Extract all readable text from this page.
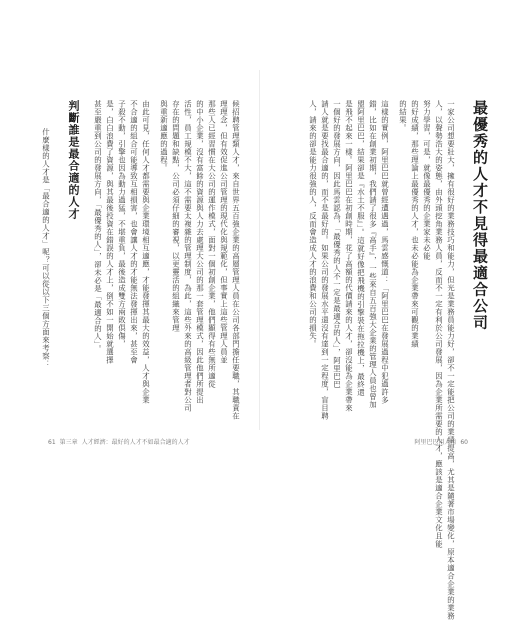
最優秀的人才不見得最適合公司
一家公司想要壯大，擁有很好的業務技巧和能力，但光是業務員能力好，卻不一定能把公司的業績提高，尤其是隨著市場變化，原本適合企業的業務
人，以聲勢浩大的姿態，由外頭挖角業務人員，反而不一定有利於公司發展，因為企業所需要的人才，應該是適合企業文化且能
努力學習，可是，就像最優秀的企業家未必能
的好成績，那些理論上最優秀的人才，也未必能為企業帶來可觀的業績
的結果。
這樣的實例，阿里巴巴就曾經遭遇過，馬雲感慨道：「阿里巴巴在發展過程中犯過許多
錯，比如在創業初期，我們請了很多『高手』，一些來自五百強大企業的管理人員也曾加
盟阿里巴巴，結果卻是『水土不服』」。這就好像把飛機的引擎裝在拖拉機上，最終還
是飛不起來一樣。阿里巴巴在初創時期，花了高額的代價請來的人才，卻沒能為企業帶來
一個好的發展方向，因此馬雲認為，「最優秀的人不一定是最適合的人」，阿里巴巴
請人就是要找最合適的，而不是最好的。如果公司的發展水平還沒有達到一定程度，盲目聘
人，請來的卻是能力很強的人，反而會造成人才的浪費和公司的損失。
阿里巴巴用人術 60
候招聘管理類人才，來自世界五百強企業的高層管理人員在公司各部門擔任要職，其職責在
理理念，但有效促進公司管理的現代化與規範化，但事實上這些管理人員並
那些人已經習慣在大公司的運作模式，面對一個初創企業，他們顯得有些無所適從
的中小企業，沒有富餘的資源與人力去處理大公司的那一套管理模式，因此他們所提出
活性，員工規模不大，這不需要太複雜的管理制度，為此，這些外來的高級管理者對公司
存在的問題和缺點，公司必須仔細的審視，以更靈活的組織來管理
與重新適應的過程。
由此可見，任何人才都需要與企業環境相互適應，才能發揮其最大的效益，人才與企業
不合適的組合可能導致互相損害，也會讓人才的才能無法發揮出來，甚至會
子殺不動，引擎也因為動力過猛，不堪重負，最後造成雙方兩敗俱傷，
是，白白浪費了資源，與其最後投資在錯誤的人才上，倒不如一開始就選擇
甚至嚴重到公司的發展方向，「最優秀的人」，卻未必是「最適合的人」。
判斷誰是最合適的人才
什麼樣的人才是「最合適的人才」呢？可以從以下三個方面來考察：
61 第三章 人才經濟：最好的人才不如最合適的人才
